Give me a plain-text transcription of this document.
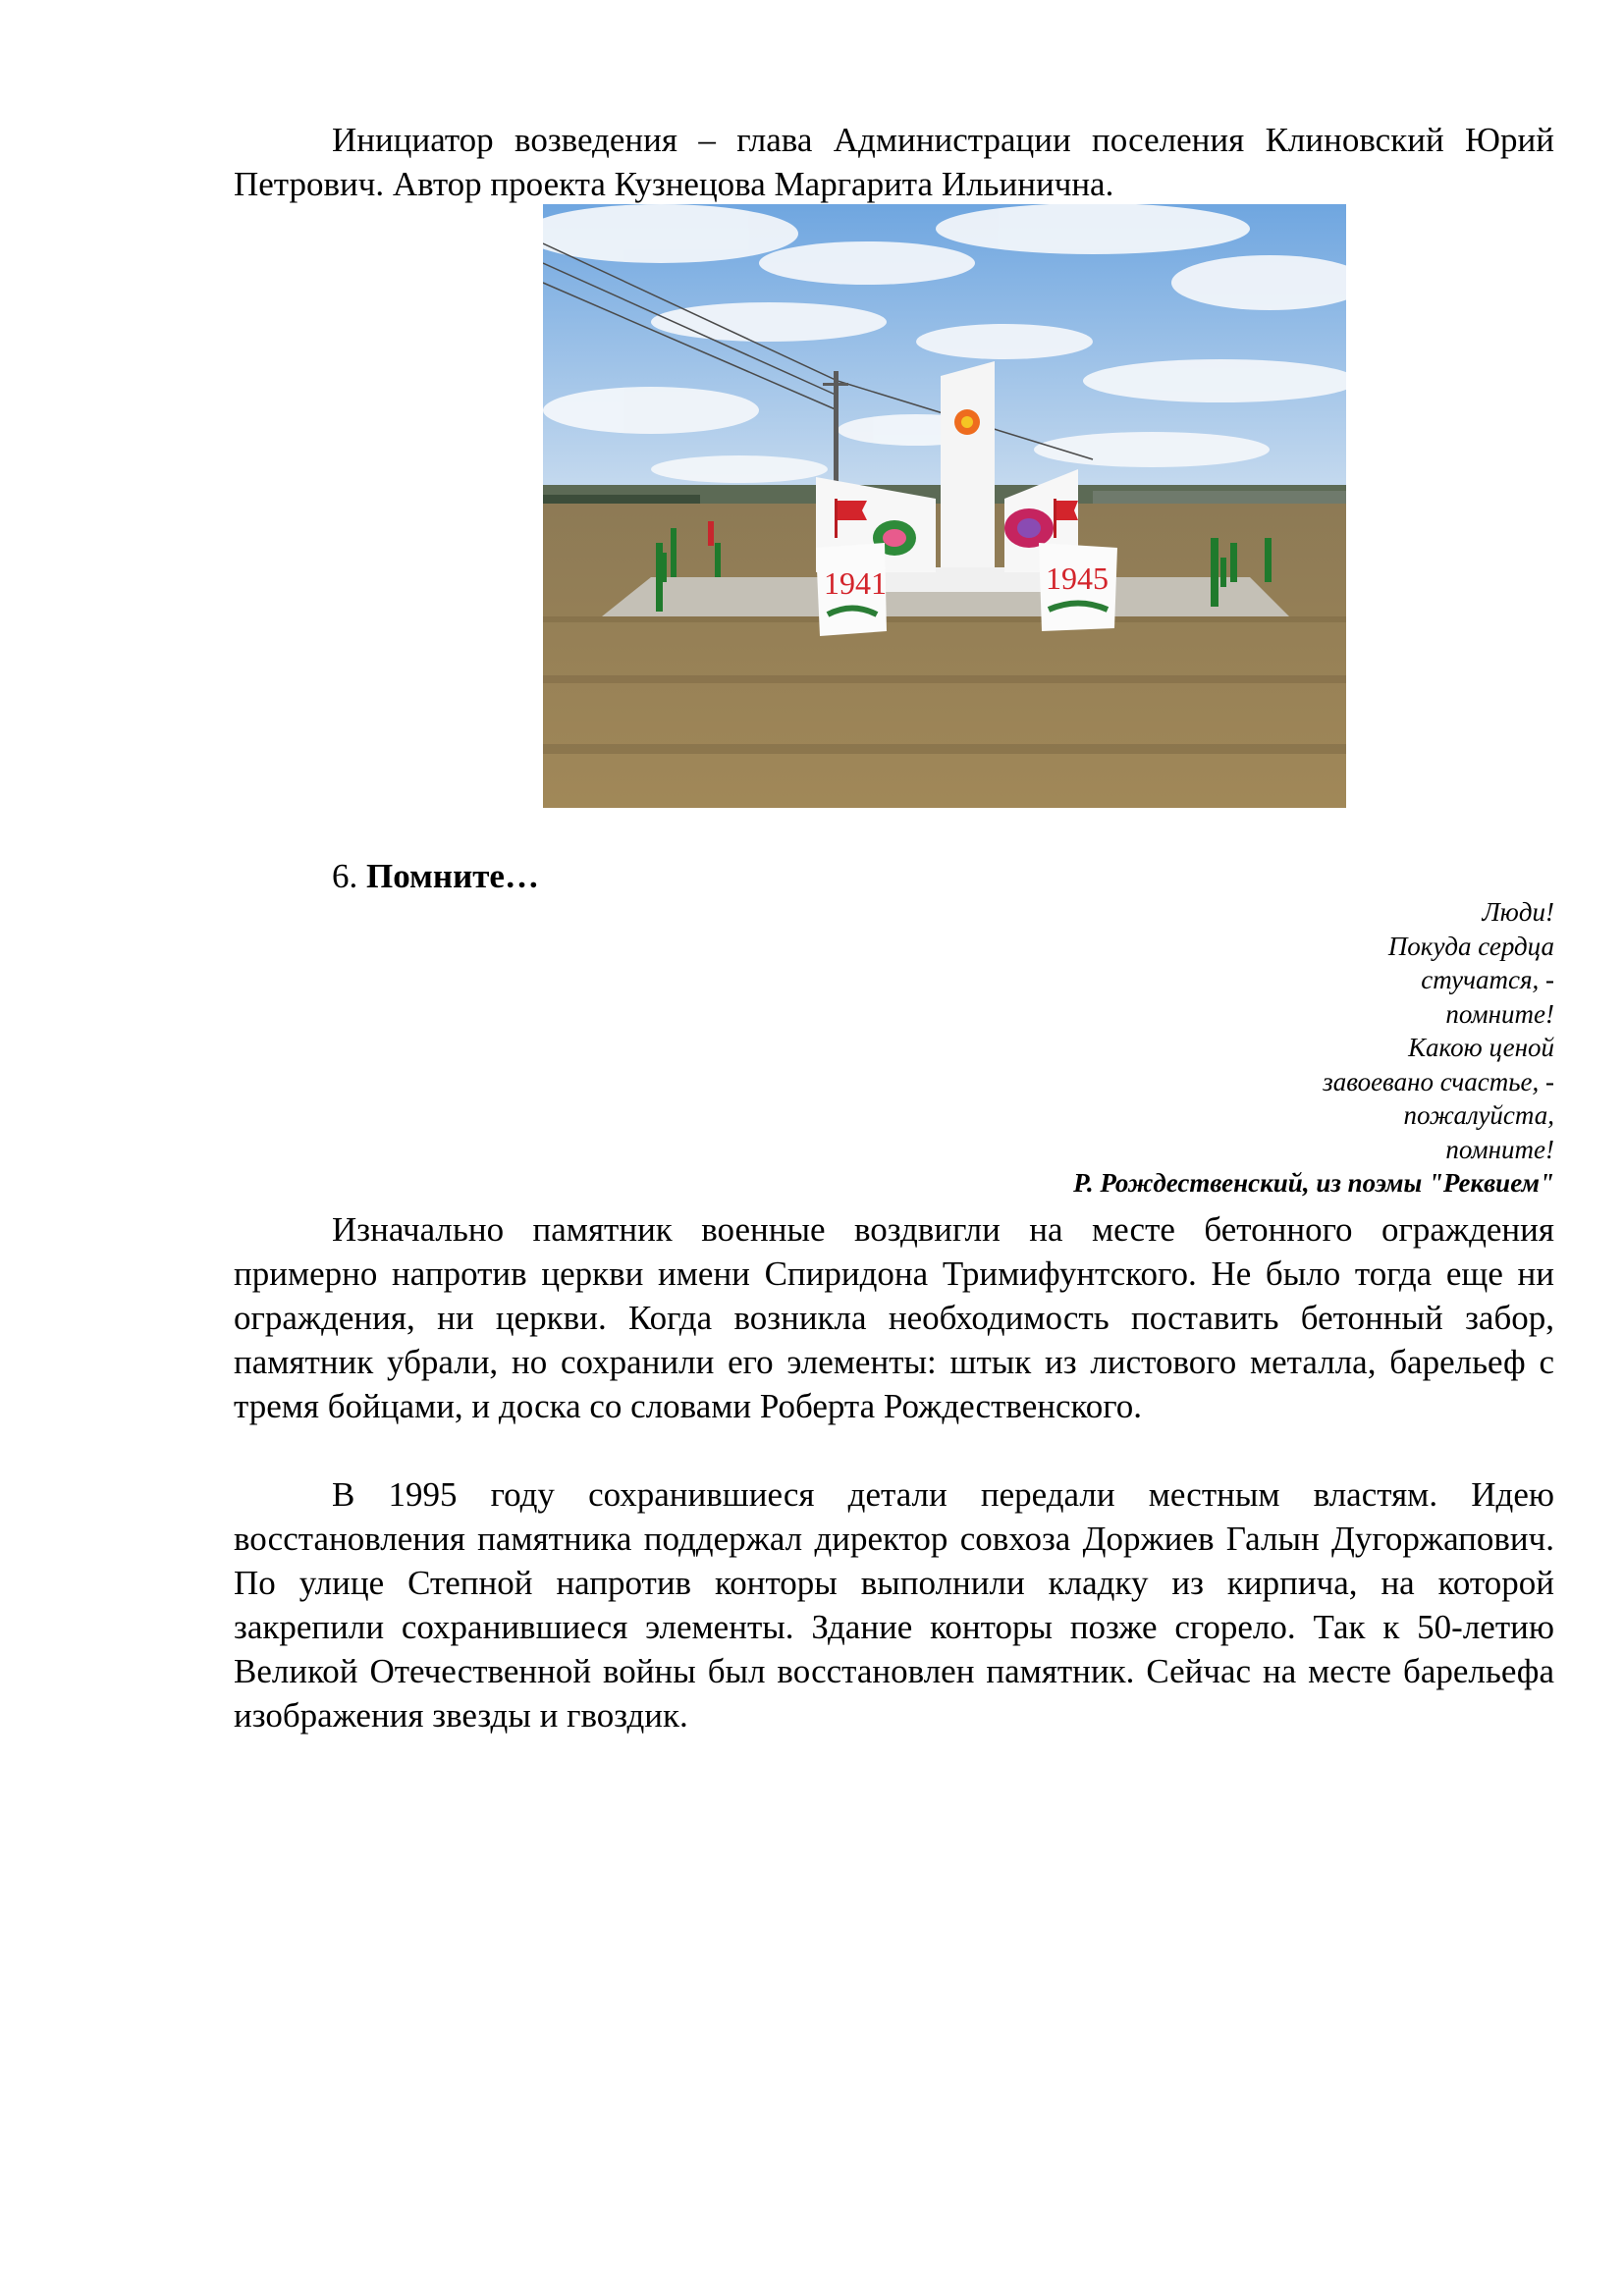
Инициатор возведения – глава Администрации поселения Клиновский Юрий Петрович. Автор проекта Кузнецова Маргарита Ильинична.

1941	1945

6. Помните…

Люди!
Покуда сердца
стучатся, -
помните!
Какою ценой
завоевано счастье, -
пожалуйста,
помните!
Р. Рождественский, из поэмы "Реквием"

Изначально памятник военные воздвигли на месте бетонного ограждения примерно напротив церкви имени Спиридона Тримифунтского. Не было тогда еще ни ограждения, ни церкви. Когда возникла необходимость поставить бетонный забор, памятник убрали, но сохранили его элементы: штык из листового металла, барельеф с тремя бойцами, и доска со словами Роберта Рождественского.

В 1995 году сохранившиеся детали передали местным властям. Идею восстановления памятника поддержал директор совхоза Доржиев Галын Дугоржапович. По улице Степной напротив конторы выполнили кладку из кирпича, на которой закрепили сохранившиеся элементы. Здание конторы позже сгорело. Так к 50-летию Великой Отечественной войны был восстановлен памятник. Сейчас на месте барельефа изображения звезды и гвоздик.
